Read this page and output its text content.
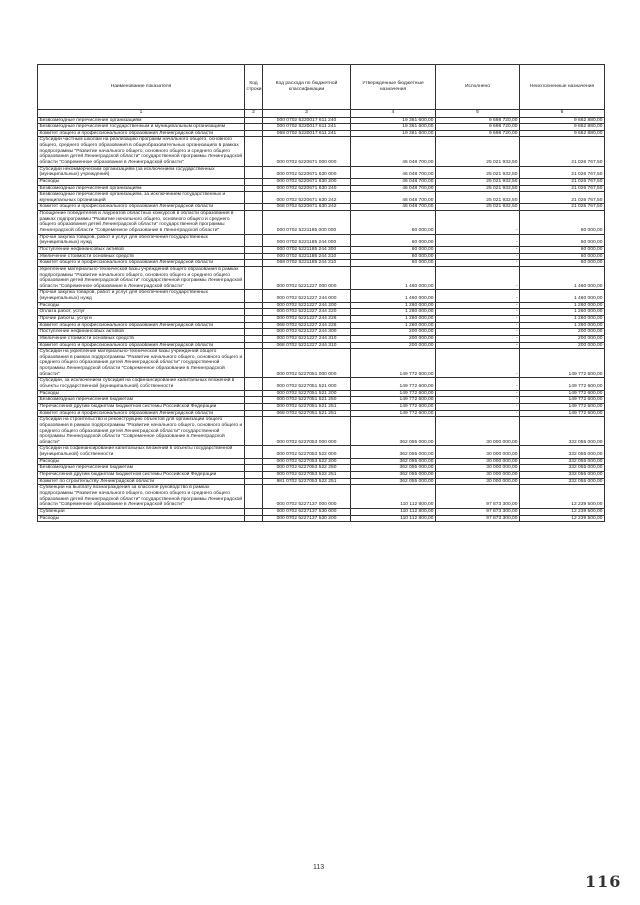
Наименование показателя	Код строки	Код расхода по бюджетной классификации	Утвержденные бюджетные назначения	Исполнено	Неисполненные назначения
1	2	3	4	5	6
Безвозмездные перечисления организациям		000 0702 5220017 611 240	19 361 600,00	9 698 720,00	9 662 880,00
Безвозмездные перечисления государственным и муниципальным организациям		000 0702 5220017 611 241	19 361 600,00	9 698 720,00	9 662 880,00
Комитет общего и профессионального образования Ленинградской области		068 0702 5220017 611 241	19 361 600,00	9 698 720,00	9 662 880,00
Субсидии частным школам на реализацию программ начального общего, основного общего, среднего общего образования в общеобразовательных организациях в рамках подпрограммы "Развитие начального общего, основного общего и среднего общего образования детей Ленинградской области" государственной программы Ленинградской области "Современное образование в Ленинградской области"		000 0702 5220671 000 000	46 048 700,00	25 021 932,50	21 026 767,50
Субсидии некоммерческим организациям (за исключением государственных (муниципальных) учреждений)		000 0702 5220671 630 000	46 048 700,00	25 021 932,50	21 026 767,50
Расходы		000 0702 5220671 630 200	46 048 700,00	25 021 932,50	21 026 767,50
Безвозмездные перечисления организациям		000 0702 5220671 630 240	46 048 700,00	25 021 932,50	21 026 767,50
Безвозмездные перечисления организациям, за исключением государственных и муниципальных организаций		000 0702 5220671 630 242	46 048 700,00	25 021 932,50	21 026 767,50
Комитет общего и профессионального образования Ленинградской области		068 0702 5220671 630 242	46 048 700,00	25 021 932,50	21 026 767,50
Поощрение победителей и лауреатов областных конкурсов в области образования в рамках подпрограммы "Развитие начального общего, основного общего и среднего общего образования детей Ленинградской области" государственной программы Ленинградской области "Современное образование в Ленинградской области"		000 0702 5221185 000 000	60 000,00	-	60 000,00
Прочая закупка товаров, работ и услуг для обеспечения государственных (муниципальных) нужд		000 0702 5221185 244 000	60 000,00	-	60 000,00
Поступление нефинансовых активов		000 0702 5221185 244 300	60 000,00	-	60 000,00
Увеличение стоимости основных средств		000 0702 5221185 244 310	60 000,00	-	60 000,00
Комитет общего и профессионального образования Ленинградской области		068 0702 5221185 244 310	60 000,00	-	60 000,00
Укрепление материально-технической базы учреждений общего образования в рамках подпрограммы "Развитие начального общего, основного общего и среднего общего образования детей Ленинградской области" государственной программы Ленинградской области "Современное образование в Ленинградской области"		000 0702 5221227 000 000	1 460 000,00	-	1 460 000,00
Прочая закупка товаров, работ и услуг для обеспечения государственных (муниципальных) нужд		000 0702 5221227 244 000	1 460 000,00	-	1 460 000,00
Расходы		000 0702 5221227 244 200	1 260 000,00	-	1 260 000,00
Оплата работ, услуг		000 0702 5221227 244 220	1 260 000,00	-	1 260 000,00
Прочие работы, услуги		000 0702 5221227 244 226	1 260 000,00	-	1 260 000,00
Комитет общего и профессионального образования Ленинградской области		068 0702 5221227 244 226	1 260 000,00	-	1 260 000,00
Поступление нефинансовых активов		000 0702 5221227 244 300	200 000,00	-	200 000,00
Увеличение стоимости основных средств		000 0702 5221227 244 310	200 000,00	-	200 000,00
Комитет общего и профессионального образования Ленинградской области		068 0702 5221227 244 310	200 000,00	-	200 000,00
Субсидии на укрепление материально-технической базы учреждений общего образования в рамках подпрограммы "Развитие начального общего, основного общего и среднего общего образования детей Ленинградской области" государственной программы Ленинградской области "Современное образование в Ленинградской области"		000 0702 5227051 000 000	149 772 600,00	-	149 772 600,00
Субсидии, за исключением субсидий на софинансирование капитальных вложений в объекты государственной (муниципальной) собственности		000 0702 5227051 521 000	149 772 600,00	-	149 772 600,00
Расходы		000 0702 5227051 521 200	149 772 600,00	-	149 772 600,00
Безвозмездные перечисления бюджетам		000 0702 5227051 521 250	149 772 600,00	-	149 772 600,00
Перечисления другим бюджетам бюджетной системы Российской Федерации		000 0702 5227051 521 251	149 772 600,00	-	149 772 600,00
Комитет общего и профессионального образования Ленинградской области		068 0702 5227051 521 251	149 772 600,00	-	149 772 600,00
Субсидии на строительство и реконструкцию объектов для организации общего образования в рамках подпрограммы "Развитие начального общего, основного общего и среднего общего образования детей Ленинградской области" государственной программы Ленинградской области "Современное образование в Ленинградской области"		000 0702 5227053 000 000	362 055 000,00	30 000 000,00	332 055 000,00
Субсидии на софинансирование капитальных вложений в объекты государственной (муниципальной) собственности		000 0702 5227053 522 000	362 055 000,00	30 000 000,00	332 055 000,00
Расходы		000 0702 5227053 522 200	362 055 000,00	30 000 000,00	332 055 000,00
Безвозмездные перечисления бюджетам		000 0702 5227053 522 250	362 055 000,00	30 000 000,00	332 055 000,00
Перечисления другим бюджетам бюджетной системы Российской Федерации		000 0702 5227053 522 251	362 055 000,00	30 000 000,00	332 055 000,00
Комитет по строительству Ленинградской области		981 0702 5227053 522 251	362 055 000,00	30 000 000,00	332 055 000,00
Субвенции на выплату вознаграждения за классное руководство в рамках подпрограммы "Развитие начального общего, основного общего и среднего общего образования детей Ленинградской области" государственной программы Ленинградской области "Современное образование в Ленинградской области"		000 0702 5227137 000 000	110 112 800,00	97 873 300,00	12 239 500,00
Субвенции		000 0702 5227137 530 000	110 112 800,00	97 873 300,00	12 239 500,00
Расходы		000 0702 5227137 530 200	110 112 800,00	97 873 300,00	12 239 500,00
113
116
